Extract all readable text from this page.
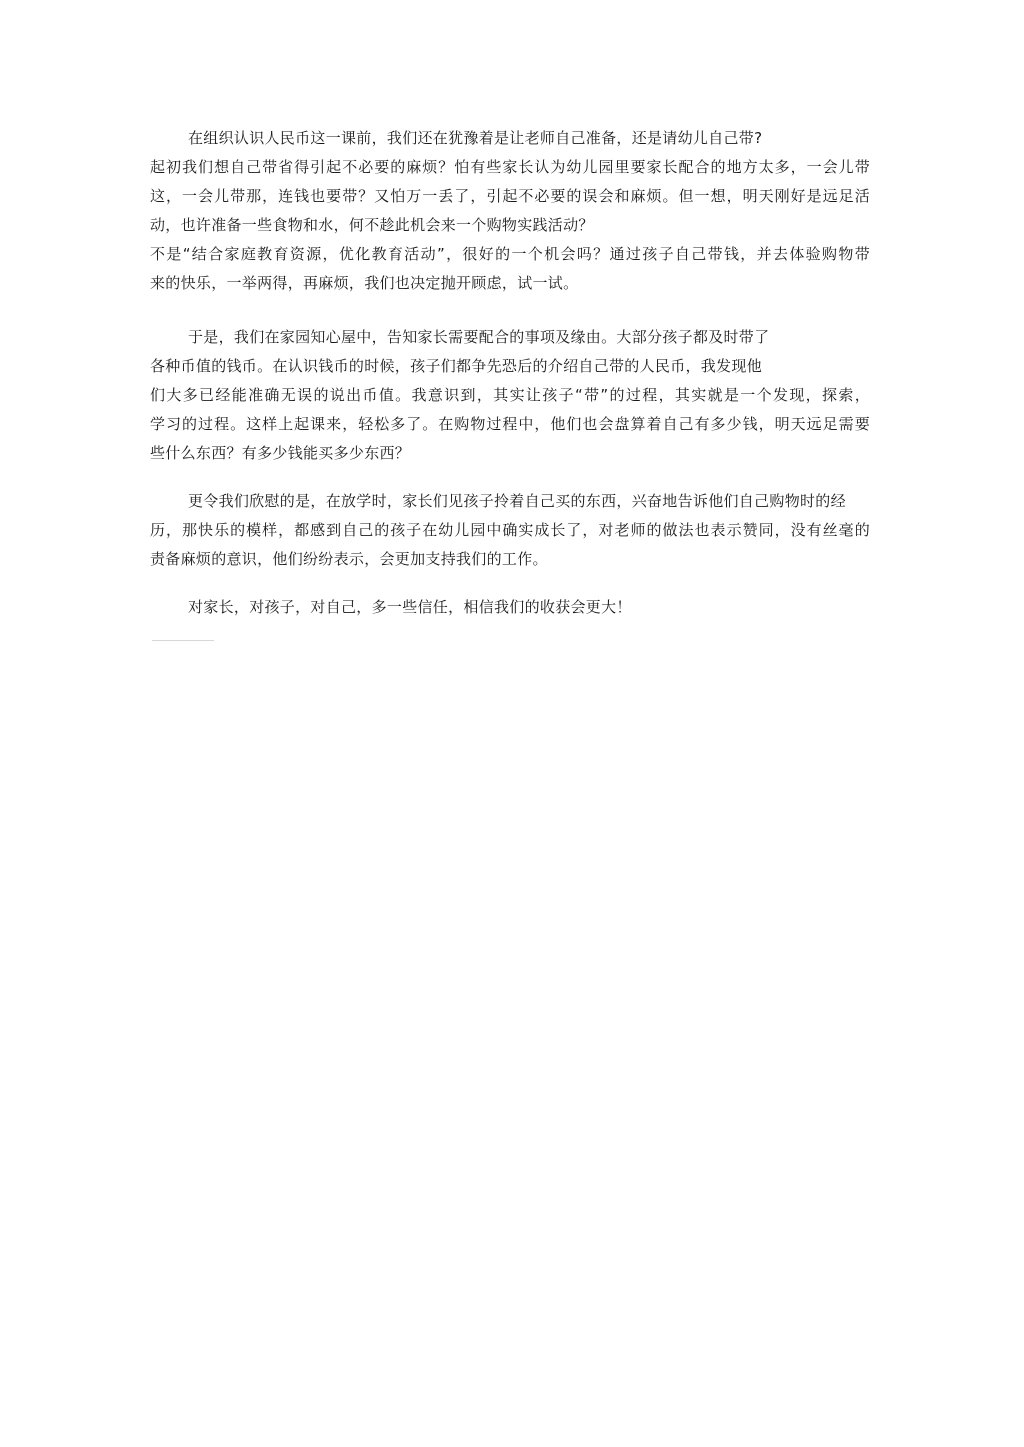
在组织认识人民币这一课前，我们还在犹豫着是让老师自己准备，还是请幼儿自己带?
起初我们想自己带省得引起不必要的麻烦？怕有些家长认为幼儿园里要家长配合的地方太多，一会儿带
这，一会儿带那，连钱也要带？又怕万一丢了，引起不必要的误会和麻烦。但一想，明天刚好是远足活
动，也许准备一些食物和水，何不趁此机会来一个购物实践活动？
不是“结合家庭教育资源，优化教育活动”，很好的一个机会吗？通过孩子自己带钱，并去体验购物带
来的快乐，一举两得，再麻烦，我们也决定抛开顾虑，试一试。
于是，我们在家园知心屋中，告知家长需要配合的事项及缘由。大部分孩子都及时带了
各种币值的钱币。在认识钱币的时候，孩子们都争先恐后的介绍自己带的人民币，我发现他
们大多已经能准确无误的说出币值。我意识到，其实让孩子“带”的过程，其实就是一个发现，探索，
学习的过程。这样上起课来，轻松多了。在购物过程中，他们也会盘算着自己有多少钱，明天远足需要
些什么东西？有多少钱能买多少东西？
更令我们欣慰的是，在放学时，家长们见孩子拎着自己买的东西，兴奋地告诉他们自己购物时的经
历，那快乐的模样，都感到自己的孩子在幼儿园中确实成长了，对老师的做法也表示赞同，没有丝毫的
责备麻烦的意识，他们纷纷表示，会更加支持我们的工作。
对家长，对孩子，对自己，多一些信任，相信我们的收获会更大！
